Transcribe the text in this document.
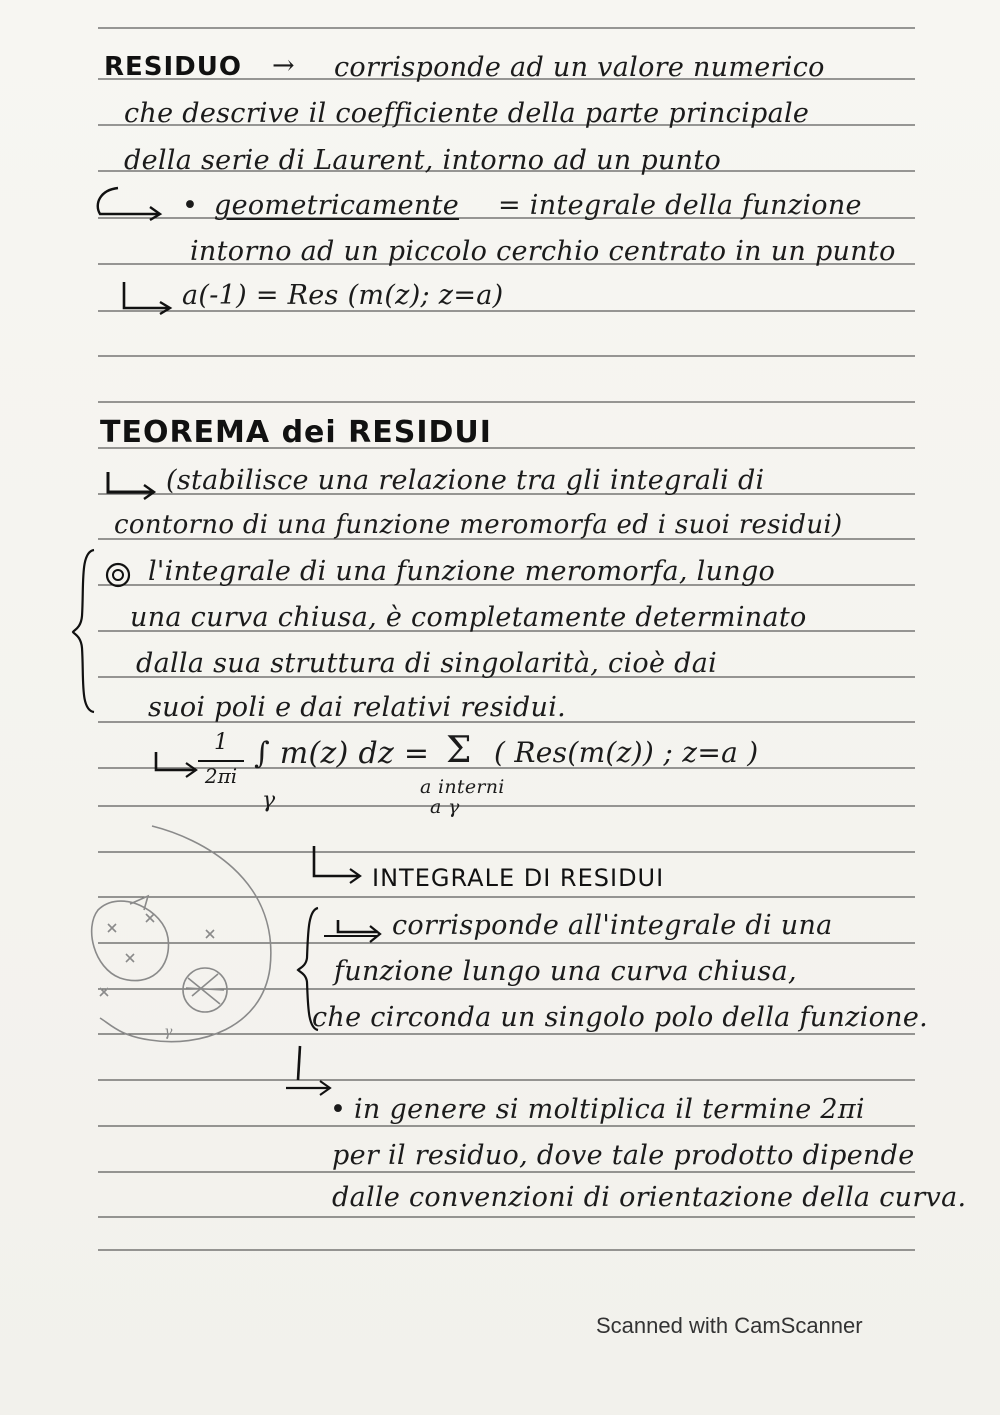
RESIDUO → corrisponde ad un valore numerico
che descrive il coefficiente della parte principale
della serie di Laurent, intorno ad un punto
• geometricamente = integrale della funzione
intorno ad un piccolo cerchio centrato in un punto
a(-1) = Res (m(z); z=a)
TEOREMA dei RESIDUI
(stabilisce una relazione tra gli integrali di
contorno di una funzione meromorfa ed i suoi residui)
l'integrale di una funzione meromorfa, lungo
una curva chiusa, è completamente determinato
dalla sua struttura di singolarità, cioè dai
suoi poli e dai relativi residui.
1
2πi
∫ m(z) dz =
γ
Σ ( Res(m(z)) ; z=a )
a interni
a γ
γ
INTEGRALE DI RESIDUI
corrisponde all'integrale di una
funzione lungo una curva chiusa,
che circonda un singolo polo della funzione.
• in genere si moltiplica il termine 2πi
per il residuo, dove tale prodotto dipende
dalle convenzioni di orientazione della curva.
Scanned with CamScanner
